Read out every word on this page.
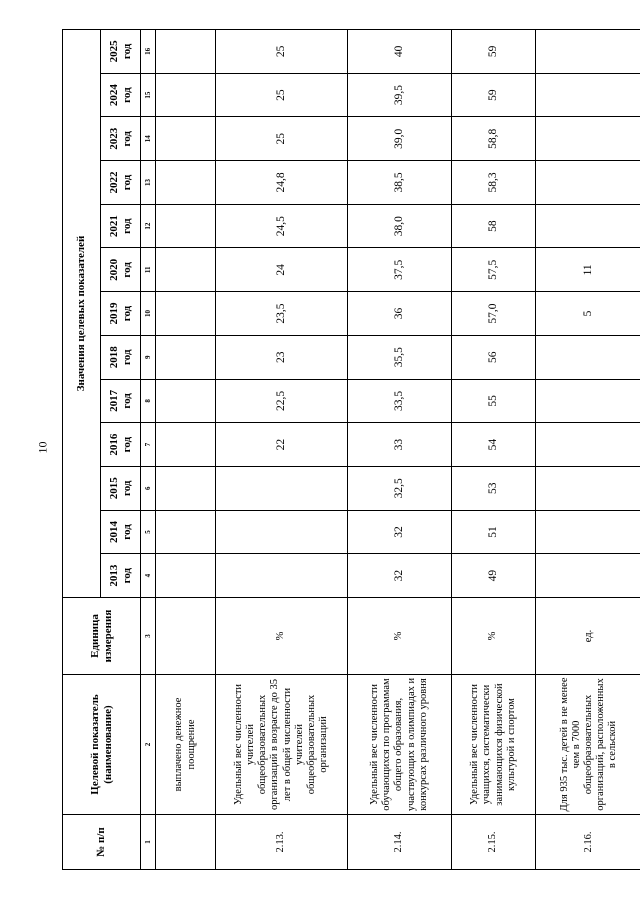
10
№ п/п	Целевой показатель (наименование)	Единица измерения	Значения целевых показателей												
			2013 год	2014 год	2015 год	2016 год	2017 год	2018 год	2019 год	2020 год	2021 год	2022 год	2023 год	2024 год	2025 год
1	2	3	4	5	6	7	8	9	10	11	12	13	14	15	16
	выплачено денежное поощрение														
2.13.	Удельный вес численности учителей общеобразовательных организаций в возрасте до 35 лет в общей численности учителей общеобразовательных организаций	%				22	22,5	23	23,5	24	24,5	24,8	25	25	25
2.14.	Удельный вес численности обучающихся по программам общего образования, участвующих в олимпиадах и конкурсах различного уровня	%	32	32	32,5	33	33,5	35,5	36	37,5	38,0	38,5	39,0	39,5	40
2.15.	Удельный вес численности учащихся, систематически занимающихся физической культурой и спортом	%	49	51	53	54	55	56	57,0	57,5	58	58,3	58,8	59	59
2.16.	Для 935 тыс. детей в не менее чем в 7000 общеобразовательных организаций, расположенных в сельской	ед.							5	11					
